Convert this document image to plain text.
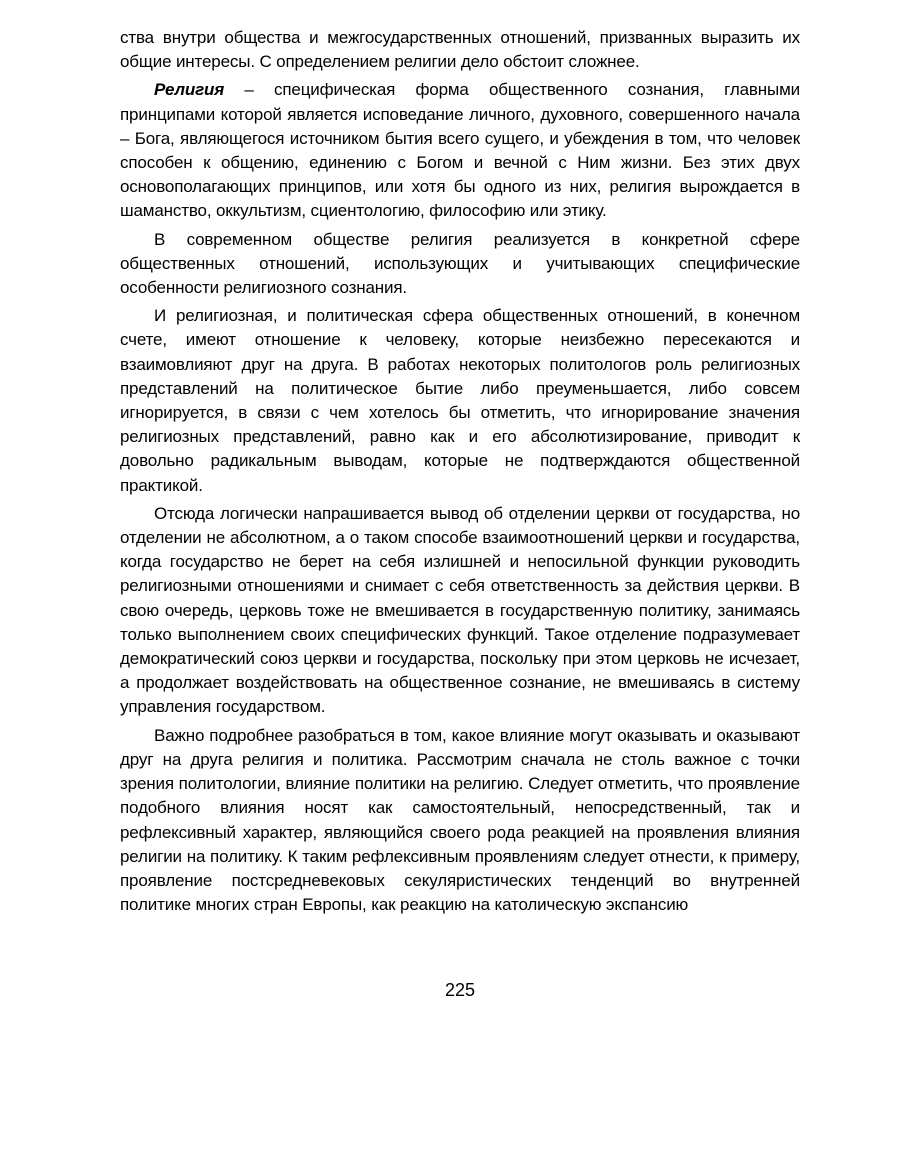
ства внутри общества и межгосударственных отношений, призванных выразить их общие интересы. С определением религии дело обстоит сложнее.

Религия – специфическая форма общественного сознания, главными принципами которой является исповедание личного, духовного, совершенного начала – Бога, являющегося источником бытия всего сущего, и убеждения в том, что человек способен к общению, единению с Богом и вечной с Ним жизни. Без этих двух основополагающих принципов, или хотя бы одного из них, религия вырождается в шаманство, оккультизм, сциентологию, философию или этику.

В современном обществе религия реализуется в конкретной сфере общественных отношений, использующих и учитывающих специфические особенности религиозного сознания.

И религиозная, и политическая сфера общественных отношений, в конечном счете, имеют отношение к человеку, которые неизбежно пересекаются и взаимовлияют друг на друга. В работах некоторых политологов роль религиозных представлений на политическое бытие либо преуменьшается, либо совсем игнорируется, в связи с чем хотелось бы отметить, что игнорирование значения религиозных представлений, равно как и его абсолютизирование, приводит к довольно радикальным выводам, которые не подтверждаются общественной практикой.

Отсюда логически напрашивается вывод об отделении церкви от государства, но отделении не абсолютном, а о таком способе взаимоотношений церкви и государства, когда государство не берет на себя излишней и непосильной функции руководить религиозными отношениями и снимает с себя ответственность за действия церкви. В свою очередь, церковь тоже не вмешивается в государственную политику, занимаясь только выполнением своих специфических функций. Такое отделение подразумевает демократический союз церкви и государства, поскольку при этом церковь не исчезает, а продолжает воздействовать на общественное сознание, не вмешиваясь в систему управления государством.

Важно подробнее разобраться в том, какое влияние могут оказывать и оказывают друг на друга религия и политика. Рассмотрим сначала не столь важное с точки зрения политологии, влияние политики на религию. Следует отметить, что проявление подобного влияния носят как самостоятельный, непосредственный, так и рефлексивный характер, являющийся своего рода реакцией на проявления влияния религии на политику. К таким рефлексивным проявлениям следует отнести, к примеру, проявление постсредневековых секуляристических тенденций во внутренней политике многих стран Европы, как реакцию на католическую экспансию

225
